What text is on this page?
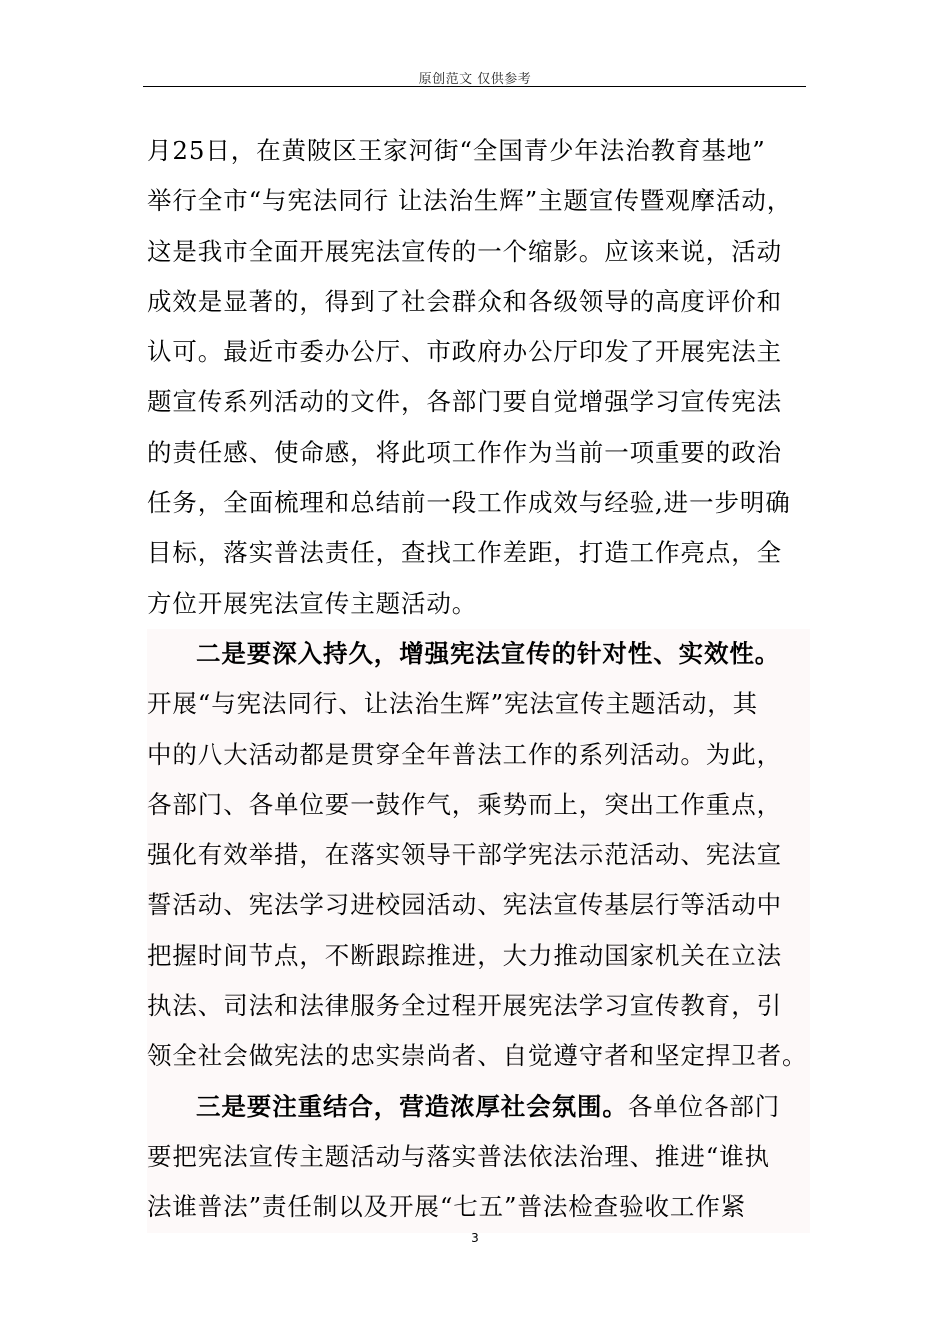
原创范文 仅供参考
月25日，在黄陂区王家河街“全国青少年法治教育基地”
举行全市“与宪法同行 让法治生辉”主题宣传暨观摩活动，
这是我市全面开展宪法宣传的一个缩影。应该来说，活动
成效是显著的，得到了社会群众和各级领导的高度评价和
认可。最近市委办公厅、市政府办公厅印发了开展宪法主
题宣传系列活动的文件，各部门要自觉增强学习宣传宪法
的责任感、使命感，将此项工作作为当前一项重要的政治
任务，全面梳理和总结前一段工作成效与经验,进一步明确
目标，落实普法责任，查找工作差距，打造工作亮点，全
方位开展宪法宣传主题活动。
二是要深入持久，增强宪法宣传的针对性、实效性。
开展“与宪法同行、让法治生辉”宪法宣传主题活动，其
中的八大活动都是贯穿全年普法工作的系列活动。为此，
各部门、各单位要一鼓作气，乘势而上，突出工作重点，
强化有效举措，在落实领导干部学宪法示范活动、宪法宣
誓活动、宪法学习进校园活动、宪法宣传基层行等活动中
把握时间节点，不断跟踪推进，大力推动国家机关在立法
执法、司法和法律服务全过程开展宪法学习宣传教育，引
领全社会做宪法的忠实崇尚者、自觉遵守者和坚定捍卫者。
三是要注重结合，营造浓厚社会氛围。各单位各部门
要把宪法宣传主题活动与落实普法依法治理、推进“谁执
法谁普法”责任制以及开展“七五”普法检查验收工作紧
3
